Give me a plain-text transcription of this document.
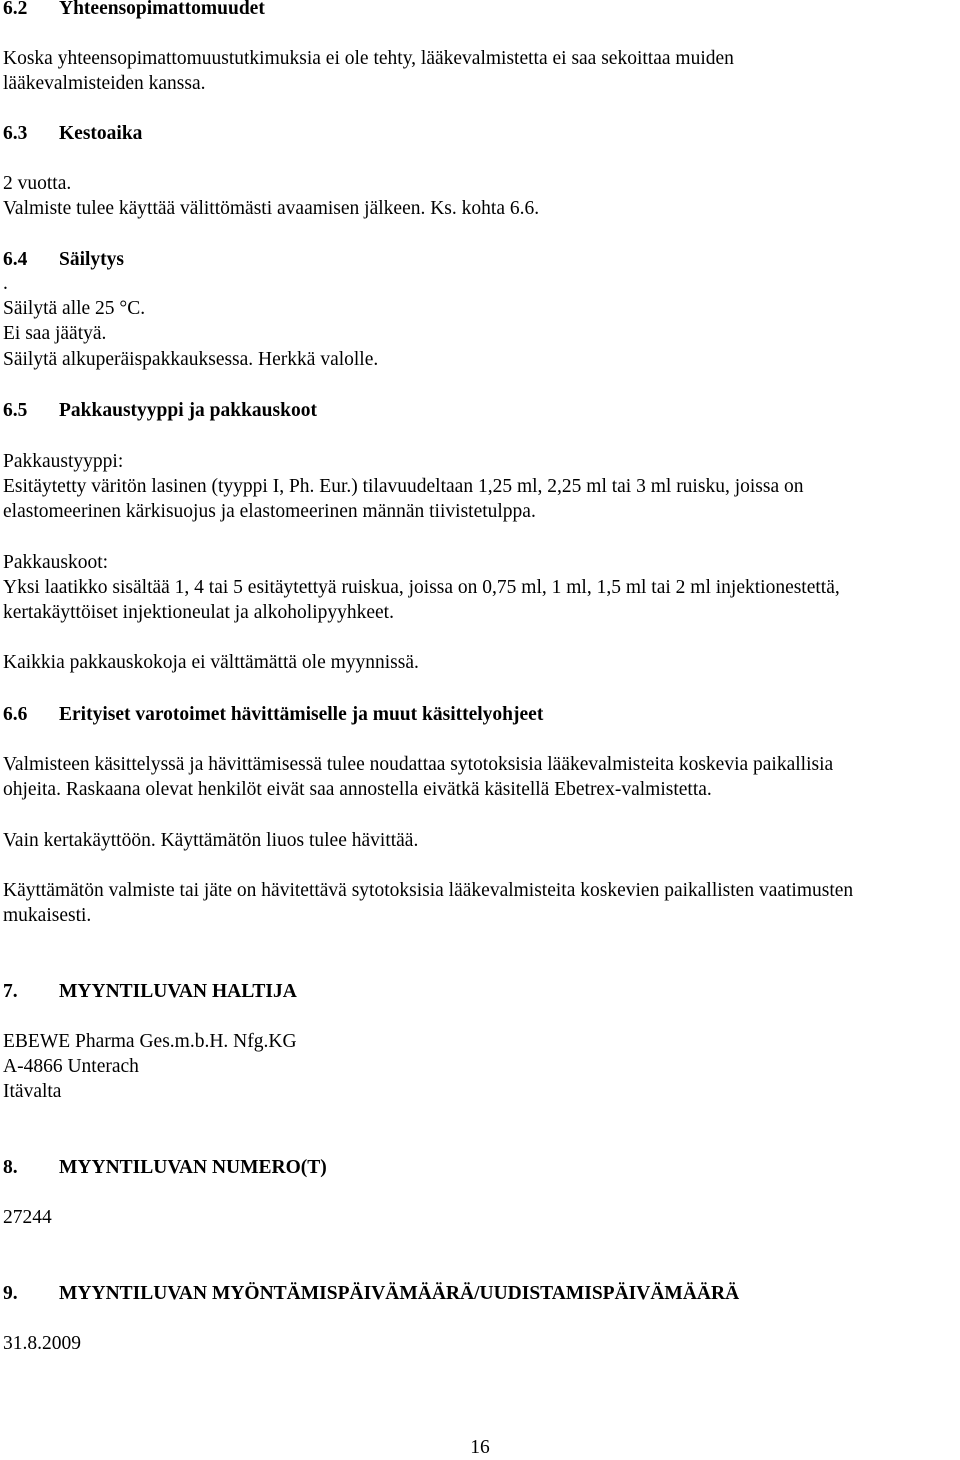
6.2 Yhteensopimattomuudet
Koska yhteensopimattomuustutkimuksia ei ole tehty, lääkevalmistetta ei saa sekoittaa muiden
lääkevalmisteiden kanssa.
6.3 Kestoaika
2 vuotta.
Valmiste tulee käyttää välittömästi avaamisen jälkeen. Ks. kohta 6.6.
6.4 Säilytys
.
Säilytä alle 25 °C.
Ei saa jäätyä.
Säilytä alkuperäispakkauksessa. Herkkä valolle.
6.5 Pakkaustyyppi ja pakkauskoot
Pakkaustyyppi:
Esitäytetty väritön lasinen (tyyppi I, Ph. Eur.) tilavuudeltaan 1,25 ml, 2,25 ml tai 3 ml ruisku, joissa on
elastomeerinen kärkisuojus ja elastomeerinen männän tiivistetulppa.
Pakkauskoot:
Yksi laatikko sisältää 1, 4 tai 5 esitäytettyä ruiskua, joissa on 0,75 ml, 1 ml, 1,5 ml tai 2 ml injektionestettä,
kertakäyttöiset injektioneulat ja alkoholipyyhkeet.
Kaikkia pakkauskokoja ei välttämättä ole myynnissä.
6.6 Erityiset varotoimet hävittämiselle ja muut käsittelyohjeet
Valmisteen käsittelyssä ja hävittämisessä tulee noudattaa sytotoksisia lääkevalmisteita koskevia paikallisia
ohjeita. Raskaana olevat henkilöt eivät saa annostella eivätkä käsitellä Ebetrex-valmistetta.
Vain kertakäyttöön. Käyttämätön liuos tulee hävittää.
Käyttämätön valmiste tai jäte on hävitettävä sytotoksisia lääkevalmisteita koskevien paikallisten vaatimusten
mukaisesti.
7. MYYNTILUVAN HALTIJA
EBEWE Pharma Ges.m.b.H. Nfg.KG
A-4866 Unterach
Itävalta
8. MYYNTILUVAN NUMERO(T)
27244
9. MYYNTILUVAN MYÖNTÄMISPÄIVÄMÄÄRÄ/UUDISTAMISPÄIVÄMÄÄRÄ
31.8.2009
16
